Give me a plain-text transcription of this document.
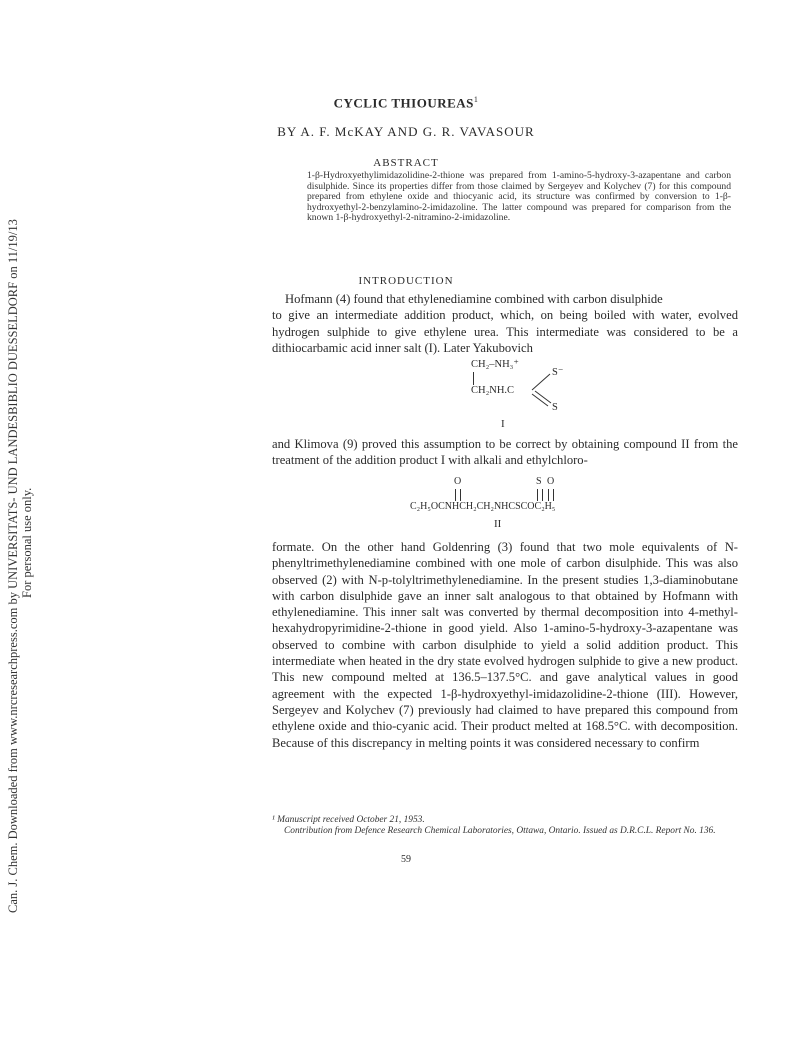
Can. J. Chem. Downloaded from www.nrcresearchpress.com by UNIVERSITATS- UND LANDESBIBLIO DUESSELDORF on 11/19/13 For personal use only.
CYCLIC THIOUREAS$^1$
BY A. F. McKAY AND G. R. VAVASOUR
ABSTRACT
1-β-Hydroxyethylimidazolidine-2-thione was prepared from 1-amino-5-hydroxy-3-azapentane and carbon disulphide. Since its properties differ from those claimed by Sergeyev and Kolychev (7) for this compound prepared from ethylene oxide and thiocyanic acid, its structure was confirmed by conversion to 1-β-hydroxyethyl-2-benzylamino-2-imidazoline. The latter compound was prepared for comparison from the known 1-β-hydroxyethyl-2-nitramino-2-imidazoline.
INTRODUCTION
Hofmann (4) found that ethylenediamine combined with carbon disulphide
to give an intermediate addition product, which, on being boiled with water, evolved hydrogen sulphide to give ethylene urea. This intermediate was considered to be a dithiocarbamic acid inner salt (I). Later Yakubovich
CH₂–NH₃⁺
CH₂NH.C
S⁻
S
I
and Klimova (9) proved this assumption to be correct by obtaining compound II from the treatment of the addition product I with alkali and ethylchloro-
O	S O
C₂H₅OCNHCH₂CH₂NHCSCOC₂H₅
II
formate. On the other hand Goldenring (3) found that two mole equivalents of N-phenyltrimethylenediamine combined with one mole of carbon disulphide. This was also observed (2) with N-p-tolyltrimethylenediamine. In the present studies 1,3-diaminobutane with carbon disulphide gave an inner salt analogous to that obtained by Hofmann with ethylenediamine. This inner salt was converted by thermal decomposition into 4-methyl-hexahydropyrimidine-2-thione in good yield. Also 1-amino-5-hydroxy-3-azapentane was observed to combine with carbon disulphide to yield a solid addition product. This intermediate when heated in the dry state evolved hydrogen sulphide to give a new product. This new compound melted at 136.5–137.5°C. and gave analytical values in good agreement with the expected 1-β-hydroxyethyl-imidazolidine-2-thione (III). However, Sergeyev and Kolychev (7) previously had claimed to have prepared this compound from ethylene oxide and thio-cyanic acid. Their product melted at 168.5°C. with decomposition. Because of this discrepancy in melting points it was considered necessary to confirm
¹ Manuscript received October 21, 1953.
Contribution from Defence Research Chemical Laboratories, Ottawa, Ontario. Issued as D.R.C.L. Report No. 136.
59
